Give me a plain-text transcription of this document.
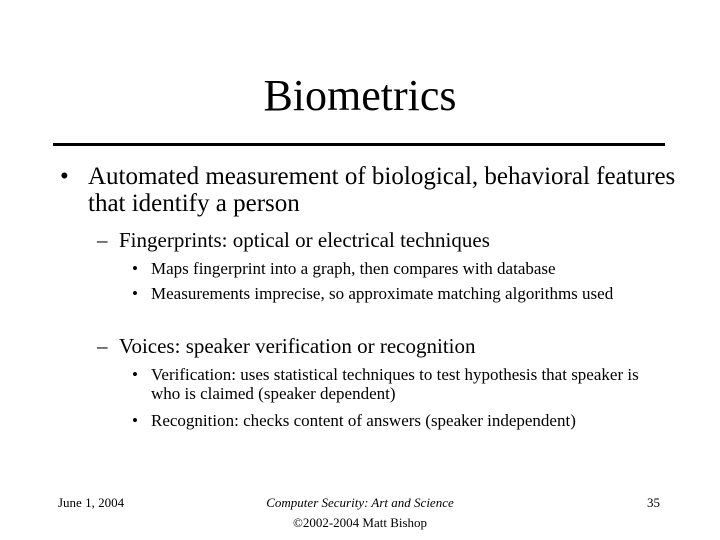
Biometrics
• Automated measurement of biological, behavioral features that identify a person
– Fingerprints: optical or electrical techniques
• Maps fingerprint into a graph, then compares with database
• Measurements imprecise, so approximate matching algorithms used
– Voices: speaker verification or recognition
• Verification: uses statistical techniques to test hypothesis that speaker is who is claimed (speaker dependent)
• Recognition: checks content of answers (speaker independent)
June 1, 2004	Computer Security: Art and Science
©2002-2004 Matt Bishop
35
